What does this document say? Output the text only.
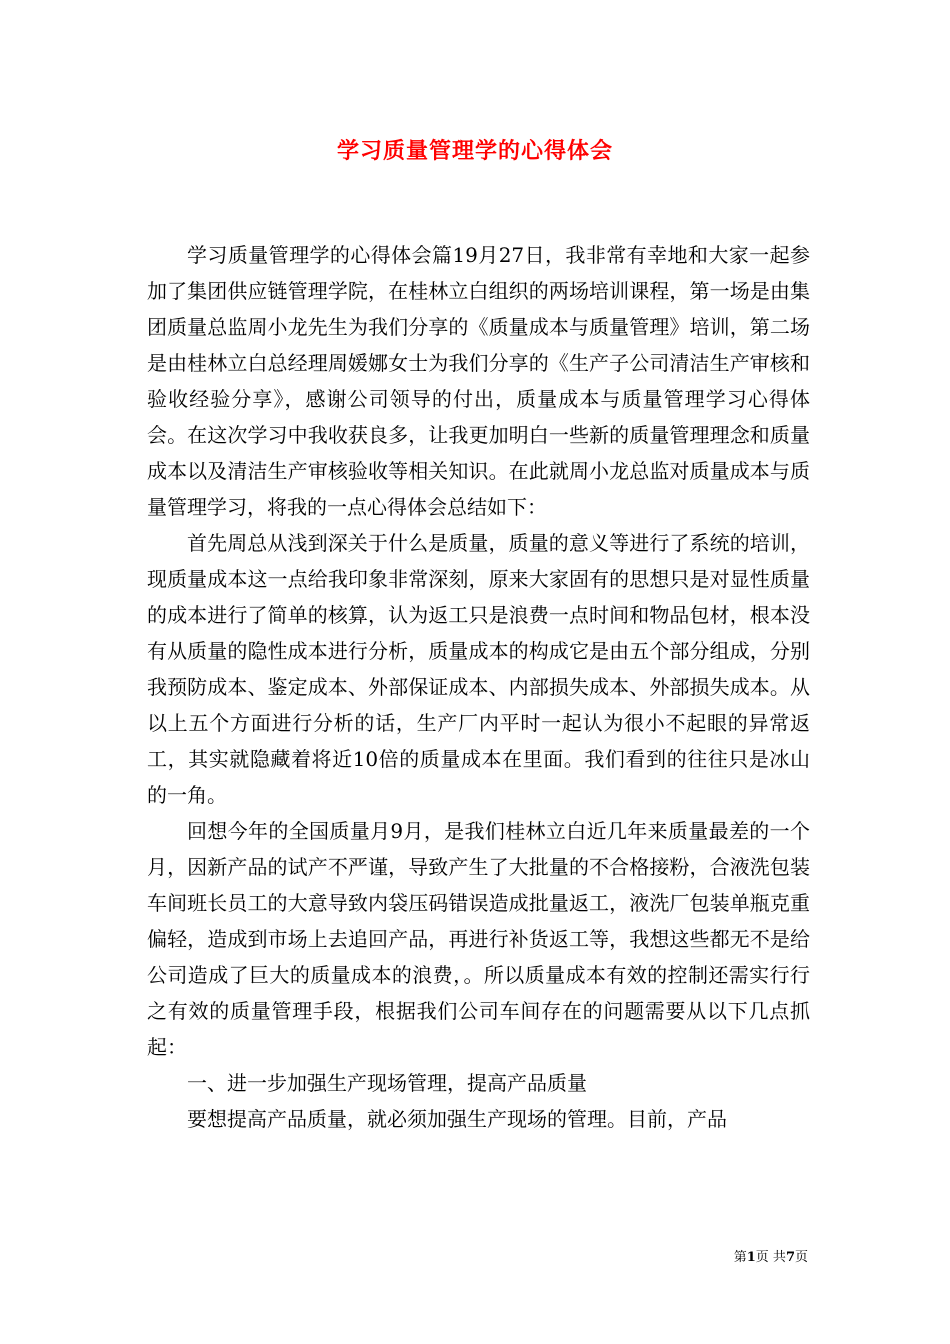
学习质量管理学的心得体会

学习质量管理学的心得体会篇19月27日，我非常有幸地和大家一起参加了集团供应链管理学院，在桂林立白组织的两场培训课程，第一场是由集团质量总监周小龙先生为我们分享的《质量成本与质量管理》培训，第二场是由桂林立白总经理周媛娜女士为我们分享的《生产子公司清洁生产审核和验收经验分享》，感谢公司领导的付出，质量成本与质量管理学习心得体会。在这次学习中我收获良多，让我更加明白一些新的质量管理理念和质量成本以及清洁生产审核验收等相关知识。在此就周小龙总监对质量成本与质量管理学习，将我的一点心得体会总结如下：

首先周总从浅到深关于什么是质量，质量的意义等进行了系统的培训，现质量成本这一点给我印象非常深刻，原来大家固有的思想只是对显性质量的成本进行了简单的核算，认为返工只是浪费一点时间和物品包材，根本没有从质量的隐性成本进行分析，质量成本的构成它是由五个部分组成，分别我预防成本、鉴定成本、外部保证成本、内部损失成本、外部损失成本。从以上五个方面进行分析的话，生产厂内平时一起认为很小不起眼的异常返工，其实就隐藏着将近10倍的质量成本在里面。我们看到的往往只是冰山的一角。

回想今年的全国质量月9月，是我们桂林立白近几年来质量最差的一个月，因新产品的试产不严谨，导致产生了大批量的不合格接粉，合液洗包装车间班长员工的大意导致内袋压码错误造成批量返工，液洗厂包装单瓶克重偏轻，造成到市场上去追回产品，再进行补货返工等，我想这些都无不是给公司造成了巨大的质量成本的浪费，。所以质量成本有效的控制还需实行行之有效的质量管理手段，根据我们公司车间存在的问题需要从以下几点抓起：

一、进一步加强生产现场管理，提高产品质量

要想提高产品质量，就必须加强生产现场的管理。目前，产品

第1页 共7页
